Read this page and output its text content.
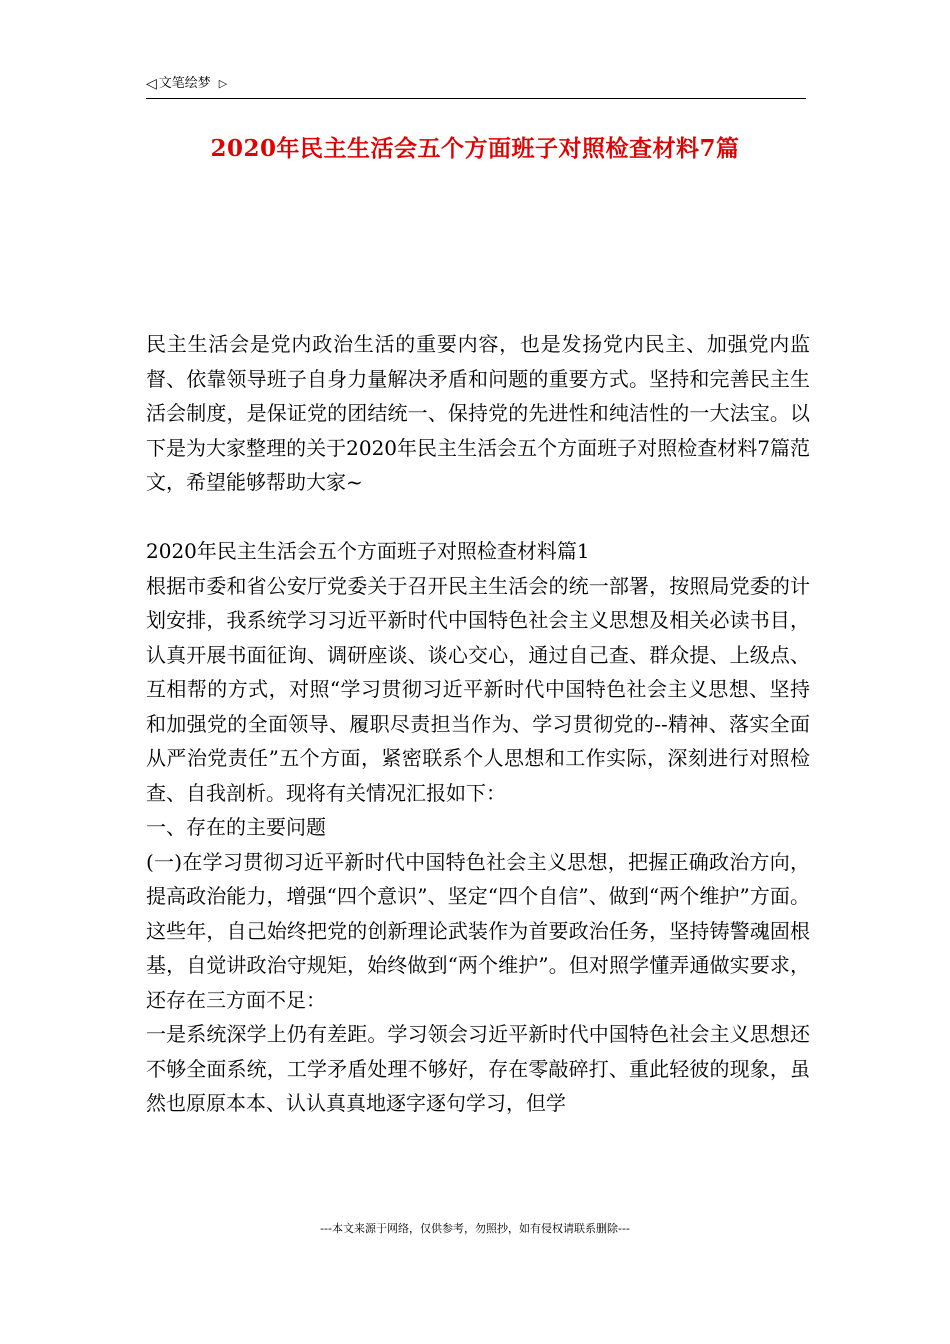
◁ 文笔绘梦 ▷
2020年民主生活会五个方面班子对照检查材料7篇

民主生活会是党内政治生活的重要内容，也是发扬党内民主、加强党内监督、依靠领导班子自身力量解决矛盾和问题的重要方式。坚持和完善民主生活会制度，是保证党的团结统一、保持党的先进性和纯洁性的一大法宝。以下是为大家整理的关于2020年民主生活会五个方面班子对照检查材料7篇范文，希望能够帮助大家~

2020年民主生活会五个方面班子对照检查材料篇1

根据市委和省公安厅党委关于召开民主生活会的统一部署，按照局党委的计划安排，我系统学习习近平新时代中国特色社会主义思想及相关必读书目，认真开展书面征询、调研座谈、谈心交心，通过自己查、群众提、上级点、互相帮的方式，对照“学习贯彻习近平新时代中国特色社会主义思想、坚持和加强党的全面领导、履职尽责担当作为、学习贯彻党的--精神、落实全面从严治党责任”五个方面，紧密联系个人思想和工作实际，深刻进行对照检查、自我剖析。现将有关情况汇报如下：

一、存在的主要问题

(一)在学习贯彻习近平新时代中国特色社会主义思想，把握正确政治方向，提高政治能力，增强“四个意识”、坚定“四个自信”、做到“两个维护”方面。这些年，自己始终把党的创新理论武装作为首要政治任务，坚持铸警魂固根基，自觉讲政治守规矩，始终做到“两个维护”。但对照学懂弄通做实要求，还存在三方面不足：

一是系统深学上仍有差距。学习领会习近平新时代中国特色社会主义思想还不够全面系统，工学矛盾处理不够好，存在零敲碎打、重此轻彼的现象，虽然也原原本本、认认真真地逐字逐句学习，但学

---本文来源于网络，仅供参考，勿照抄，如有侵权请联系删除---
